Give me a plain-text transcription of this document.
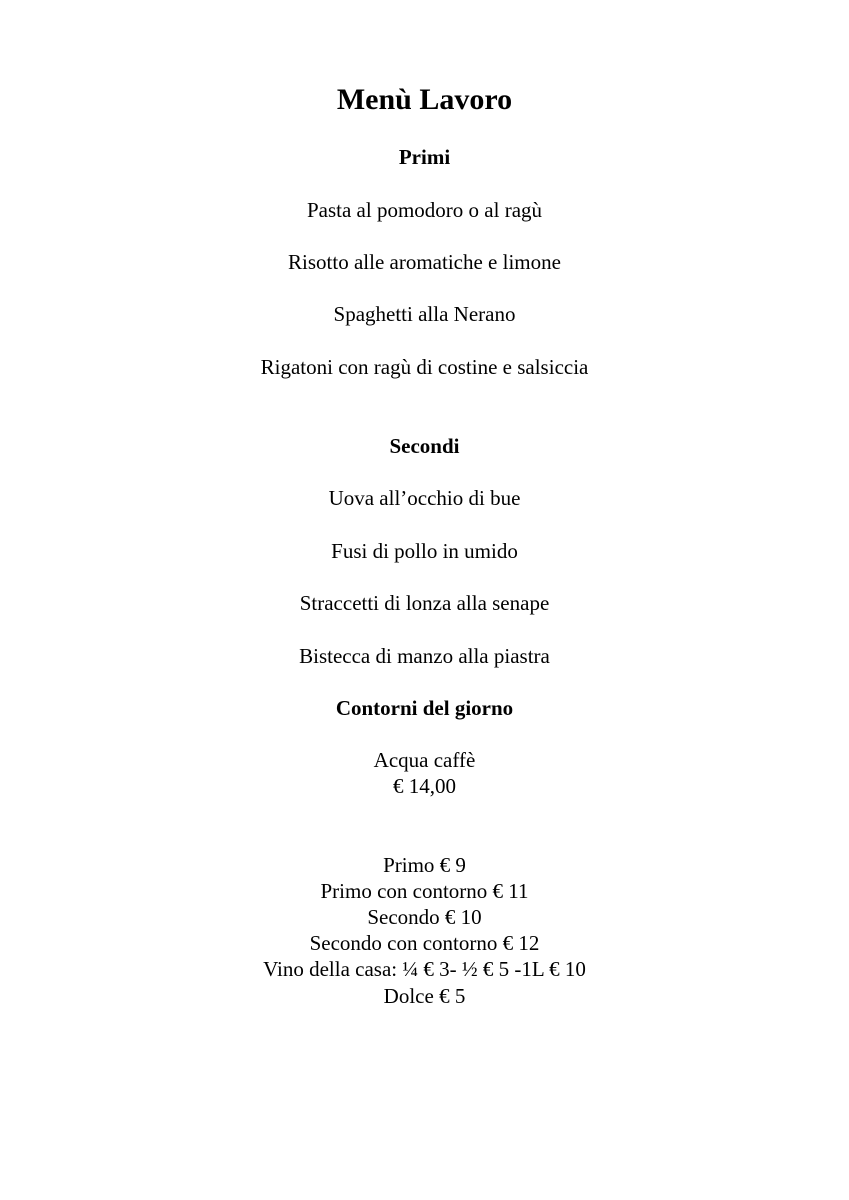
Menù Lavoro
Primi
Pasta al pomodoro o al ragù
Risotto alle aromatiche e limone
Spaghetti alla Nerano
Rigatoni con ragù di costine e salsiccia
Secondi
Uova all’occhio di bue
Fusi di pollo in umido
Straccetti di lonza alla senape
Bistecca di manzo alla piastra
Contorni del giorno
Acqua caffè
€ 14,00
Primo € 9
Primo con contorno € 11
Secondo € 10
Secondo con contorno € 12
Vino della casa: ¼ € 3- ½ € 5 -1L € 10
Dolce € 5
